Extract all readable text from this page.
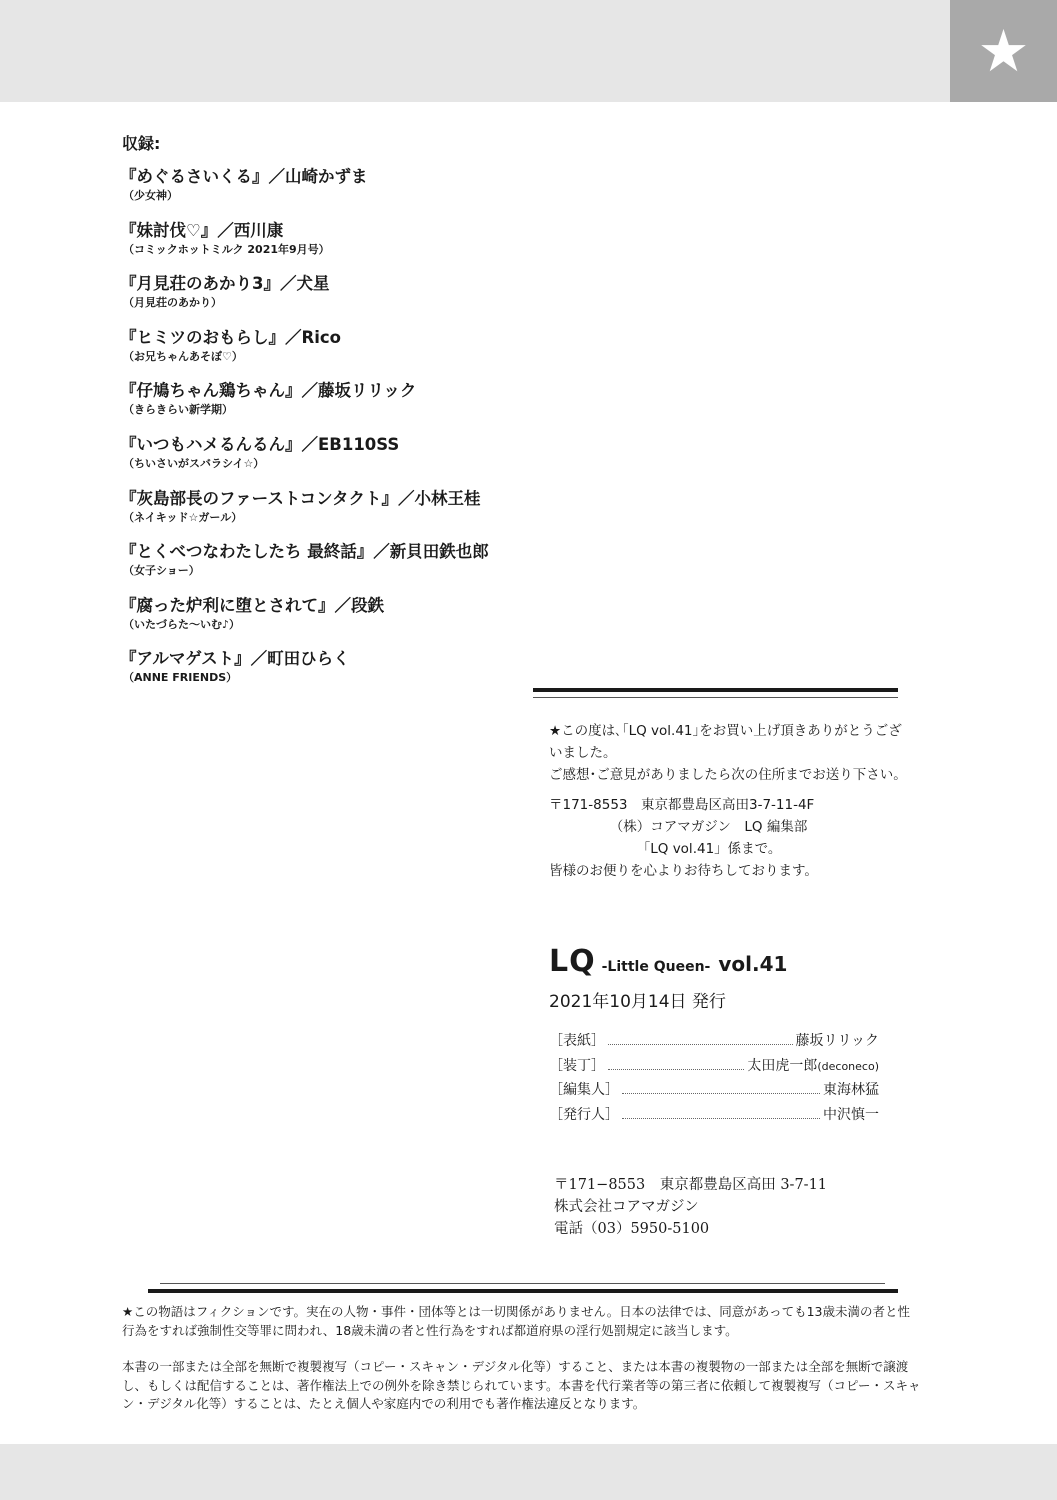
★
収録:
『めぐるさいくる』／山崎かずま
（少女神）
『妹討伐♡』／西川康
（コミックホットミルク 2021年9月号）
『月見荘のあかり3』／犬星
（月見荘のあかり）
『ヒミツのおもらし』／Rico
（お兄ちゃんあそぼ♡）
『仔鳩ちゃん鶏ちゃん』／藤坂リリック
（きらきらい新学期）
『いつもハメるんるん』／EB110SS
（ちいさいがスバラシイ☆）
『灰島部長のファーストコンタクト』／小林王桂
（ネイキッド☆ガール）
『とくべつなわたしたち 最終話』／新貝田鉄也郎
（女子ショー）
『腐った炉利に堕とされて』／段鉄
（いたづらた〜いむ♪）
『アルマゲスト』／町田ひらく
（ANNE FRIENDS）

★この度は､｢LQ vol.41｣をお買い上げ頂きありがとうございました。

ご感想･ご意見がありましたら次の住所までお送り下さい。

〒171-8553　東京都豊島区高田3-7-11-4F

　　　　　（株）コアマガジン　LQ 編集部

　　　　　　　「LQ vol.41」係まで。

皆様のお便りを心よりお待ちしております。

LQ -Little Queen- vol.41
2021年10月14日 発行
［表紙］	藤坂リリック
［装丁］	太田虎一郎(deconeco)
［編集人］	東海林猛
［発行人］	中沢慎一
〒171−8553　東京都豊島区高田 3-7-11
株式会社コアマガジン
電話（03）5950-5100

★この物語はフィクションです。実在の人物・事件・団体等とは一切関係がありません。日本の法律では、同意があっても13歳未満の者と性行為をすれば強制性交等罪に問われ、18歳未満の者と性行為をすれば都道府県の淫行処罰規定に該当します。

本書の一部または全部を無断で複製複写（コピー・スキャン・デジタル化等）すること、または本書の複製物の一部または全部を無断で譲渡し、もしくは配信することは、著作権法上での例外を除き禁じられています。本書を代行業者等の第三者に依頼して複製複写（コピー・スキャン・デジタル化等）することは、たとえ個人や家庭内での利用でも著作権法違反となります。
